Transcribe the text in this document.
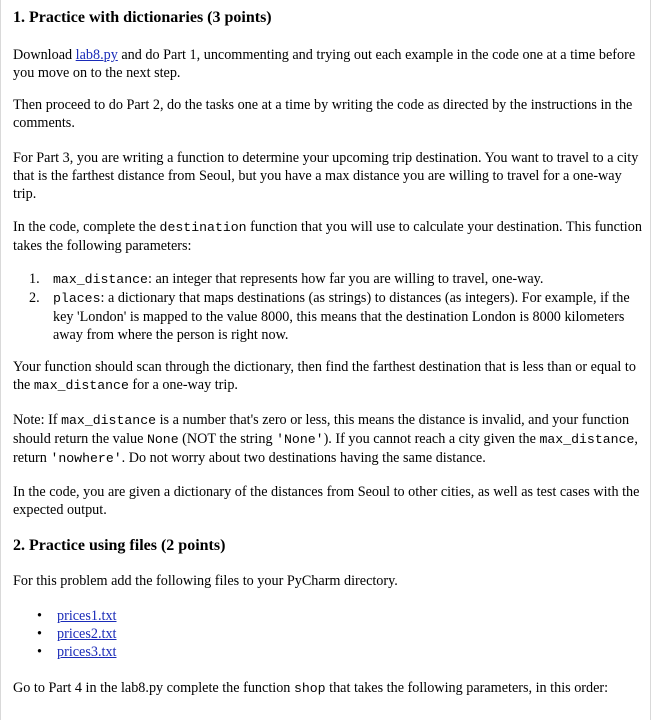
1. Practice with dictionaries (3 points)
Download lab8.py and do Part 1, uncommenting and trying out each example in the code one at a time before you move on to the next step.
Then proceed to do Part 2, do the tasks one at a time by writing the code as directed by the instructions in the comments.
For Part 3, you are writing a function to determine your upcoming trip destination. You want to travel to a city that is the farthest distance from Seoul, but you have a max distance you are willing to travel for a one-way trip.
In the code, complete the destination function that you will use to calculate your destination. This function takes the following parameters:
1.	max_distance: an integer that represents how far you are willing to travel, one-way.
2.	places: a dictionary that maps destinations (as strings) to distances (as integers). For example, if the key 'London' is mapped to the value 8000, this means that the destination London is 8000 kilometers away from where the person is right now.
Your function should scan through the dictionary, then find the farthest destination that is less than or equal to the max_distance for a one-way trip.
Note: If max_distance is a number that's zero or less, this means the distance is invalid, and your function should return the value None (NOT the string 'None'). If you cannot reach a city given the max_distance, return 'nowhere'. Do not worry about two destinations having the same distance.
In the code, you are given a dictionary of the distances from Seoul to other cities, as well as test cases with the expected output.
2. Practice using files (2 points)
For this problem add the following files to your PyCharm directory.
• prices1.txt
• prices2.txt
• prices3.txt
Go to Part 4 in the lab8.py complete the function shop that takes the following parameters, in this order:
